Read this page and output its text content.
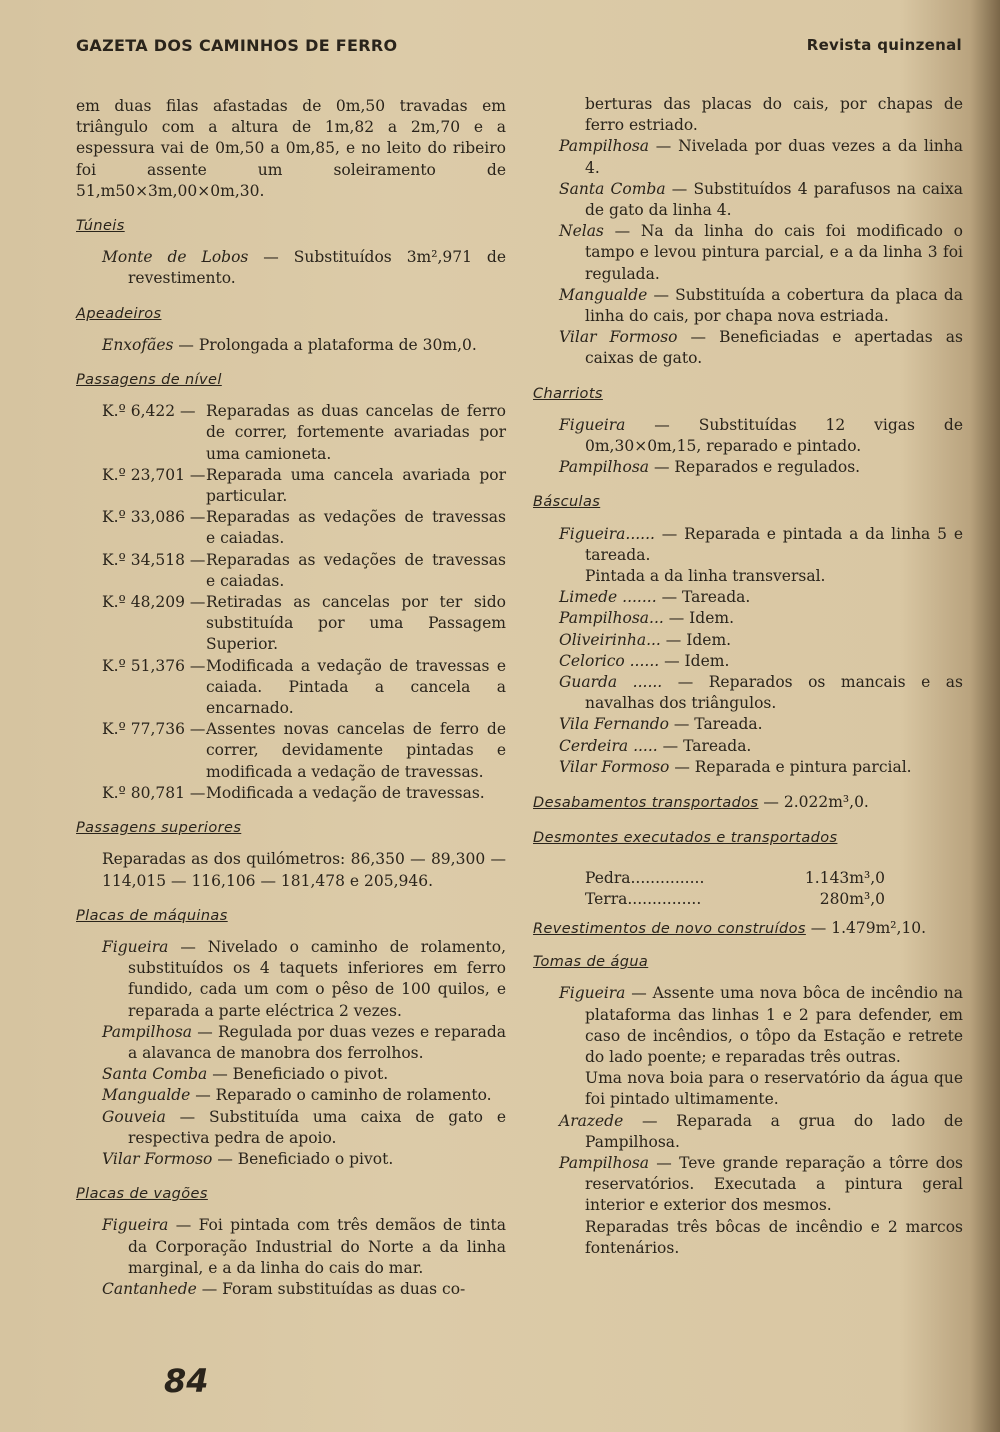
GAZETA DOS CAMINHOS DE FERRO	Revista quinzenal

em duas filas afastadas de 0m,50 travadas em triângulo com a altura de 1m,82 a 2m,70 e a espessura vai de 0m,50 a 0m,85, e no leito do ribeiro foi assente um soleiramento de 51,m50×3m,00×0m,30.

Túneis

Monte de Lobos — Substituídos 3m²,971 de revestimento.

Apeadeiros

Enxofães — Prolongada a plataforma de 30m,0.

Passagens de nível
K.º 6,422 — Reparadas as duas cancelas de ferro de correr, fortemente avariadas por uma camioneta.
K.º 23,701 — Reparada uma cancela avariada por particular.
K.º 33,086 — Reparadas as vedações de travessas e caiadas.
K.º 34,518 — Reparadas as vedações de travessas e caiadas.
K.º 48,209 — Retiradas as cancelas por ter sido substituída por uma Passagem Superior.
K.º 51,376 — Modificada a vedação de travessas e caiada. Pintada a cancela a encarnado.
K.º 77,736 — Assentes novas cancelas de ferro de correr, devidamente pintadas e modificada a vedação de travessas.
K.º 80,781 — Modificada a vedação de travessas.
Passagens superiores

Reparadas as dos quilómetros: 86,350 — 89,300 — 114,015 — 116,106 — 181,478 e 205,946.

Placas de máquinas

Figueira — Nivelado o caminho de rolamento, substituídos os 4 taquets inferiores em ferro fundido, cada um com o pêso de 100 quilos, e reparada a parte eléctrica 2 vezes.

Pampilhosa — Regulada por duas vezes e reparada a alavanca de manobra dos ferrolhos.

Santa Comba — Beneficiado o pivot.

Mangualde — Reparado o caminho de rolamento.

Gouveia — Substituída uma caixa de gato e respectiva pedra de apoio.

Vilar Formoso — Beneficiado o pivot.

Placas de vagões

Figueira — Foi pintada com três demãos de tinta da Corporação Industrial do Norte a da linha marginal, e a da linha do cais do mar.

Cantanhede — Foram substituídas as duas co-

berturas das placas do cais, por chapas de ferro estriado.

Pampilhosa — Nivelada por duas vezes a da linha 4.

Santa Comba — Substituídos 4 parafusos na caixa de gato da linha 4.

Nelas — Na da linha do cais foi modificado o tampo e levou pintura parcial, e a da linha 3 foi regulada.

Mangualde — Substituída a cobertura da placa da linha do cais, por chapa nova estriada.

Vilar Formoso — Beneficiadas e apertadas as caixas de gato.

Charriots

Figueira — Substituídas 12 vigas de 0m,30×0m,15, reparado e pintado.

Pampilhosa — Reparados e regulados.

Básculas

Figueira...... — Reparada e pintada a da linha 5 e tareada.

Pintada a da linha transversal.

Limede ....... — Tareada.

Pampilhosa... — Idem.

Oliveirinha... — Idem.

Celorico ...... — Idem.

Guarda ...... — Reparados os mancais e as navalhas dos triângulos.

Vila Fernando — Tareada.

Cerdeira ..... — Tareada.

Vilar Formoso — Reparada e pintura parcial.

Desabamentos transportados — 2.022m³,0.
Desmontes executados e transportados
Pedra...............	1.143m³,0
Terra...............	280m³,0
Revestimentos de novo construídos — 1.479m²,10.
Tomas de água

Figueira — Assente uma nova bôca de incêndio na plataforma das linhas 1 e 2 para defender, em caso de incêndios, o tôpo da Estação e retrete do lado poente; e reparadas três outras.

Uma nova boia para o reservatório da água que foi pintado ultimamente.

Arazede — Reparada a grua do lado de Pampilhosa.

Pampilhosa — Teve grande reparação a tôrre dos reservatórios. Executada a pintura geral interior e exterior dos mesmos.

Reparadas três bôcas de incêndio e 2 marcos fontenários.

84
